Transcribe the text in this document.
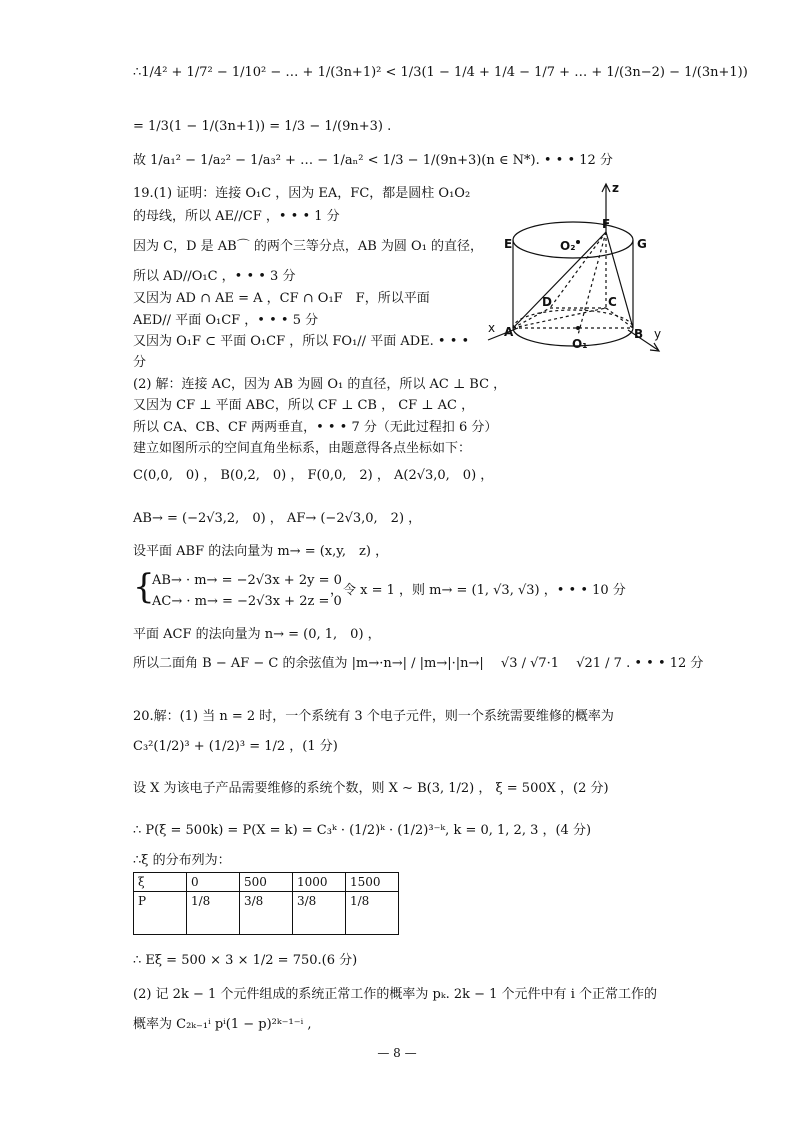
∴1/4² + 1/7² − 1/10² − … + 1/(3n+1)² < 1/3(1 − 1/4 + 1/4 − 1/7 + … + 1/(3n−2) − 1/(3n+1))
= 1/3(1 − 1/(3n+1)) = 1/3 − 1/(9n+3) .
故 1/a₁² − 1/a₂² − 1/a₃² + … − 1/aₙ² < 1/3 − 1/(9n+3)(n ∈ N*). • • • 12 分
19.(1) 证明：连接 O₁C ，因为 EA，FC，都是圆柱 O₁O₂
的母线，所以 AE//CF ，• • • 1 分
因为 C，D 是 AB⌒ 的两个三等分点，AB 为圆 O₁ 的直径，
所以 AD//O₁C ，• • • 3 分
又因为 AD ∩ AE = A ，CF ∩ O₁F　F，所以平面
AED// 平面 O₁CF ，• • • 5 分
又因为 O₁F ⊂ 平面 O₁CF ，所以 FO₁// 平面 ADE. • • •
分
(2) 解：连接 AC，因为 AB 为圆 O₁ 的直径，所以 AC ⊥ BC ，
又因为 CF ⊥ 平面 ABC，所以 CF ⊥ CB ， CF ⊥ AC ，
所以 CA、CB、CF 两两垂直，• • • 7 分（无此过程扣 6 分）
建立如图所示的空间直角坐标系，由题意得各点坐标如下：
C(0,0,　0) ， B(0,2,　0) ， F(0,0,　2) ， A(2√3,0,　0) ，
AB→ = (−2√3,2,　0) ， AF→ (−2√3,0,　2) ，
设平面 ABF 的法向量为 m→ = (x,y,　z) ，
{
AB→ · m→ = −2√3x + 2y = 0
AC→ · m→ = −2√3x + 2z = 0
，令 x = 1 ，则 m→ = (1, √3, √3) ，• • • 10 分
平面 ACF 的法向量为 n→ = (0, 1,　0) ，
所以二面角 B − AF − C 的余弦值为 |m→·n→| / |m→|·|n→| 　√3 / √7·1 　√21 / 7 . • • • 12 分
20.解：(1) 当 n = 2 时，一个系统有 3 个电子元件，则一个系统需要维修的概率为
C₃²(1/2)³ + (1/2)³ = 1/2 ，(1 分)
设 X 为该电子产品需要维修的系统个数，则 X ∼ B(3, 1/2) ， ξ = 500X ，(2 分)
∴ P(ξ = 500k) = P(X = k) = C₃ᵏ · (1/2)ᵏ · (1/2)³⁻ᵏ, k = 0, 1, 2, 3 ，(4 分)
∴ξ 的分布列为：
ξ	0	500	1000	1500
P	1/8	3/8	3/8	1/8
∴ Eξ = 500 × 3 × 1/2 = 750.(6 分)
(2) 记 2k − 1 个元件组成的系统正常工作的概率为 pₖ. 2k − 1 个元件中有 i 个正常工作的
概率为 C₂ₖ₋₁ⁱ pⁱ(1 − p)²ᵏ⁻¹⁻ⁱ ,
— 8 —
z
F
E	G
O₂
D	C
A	B
O₁
x	y
